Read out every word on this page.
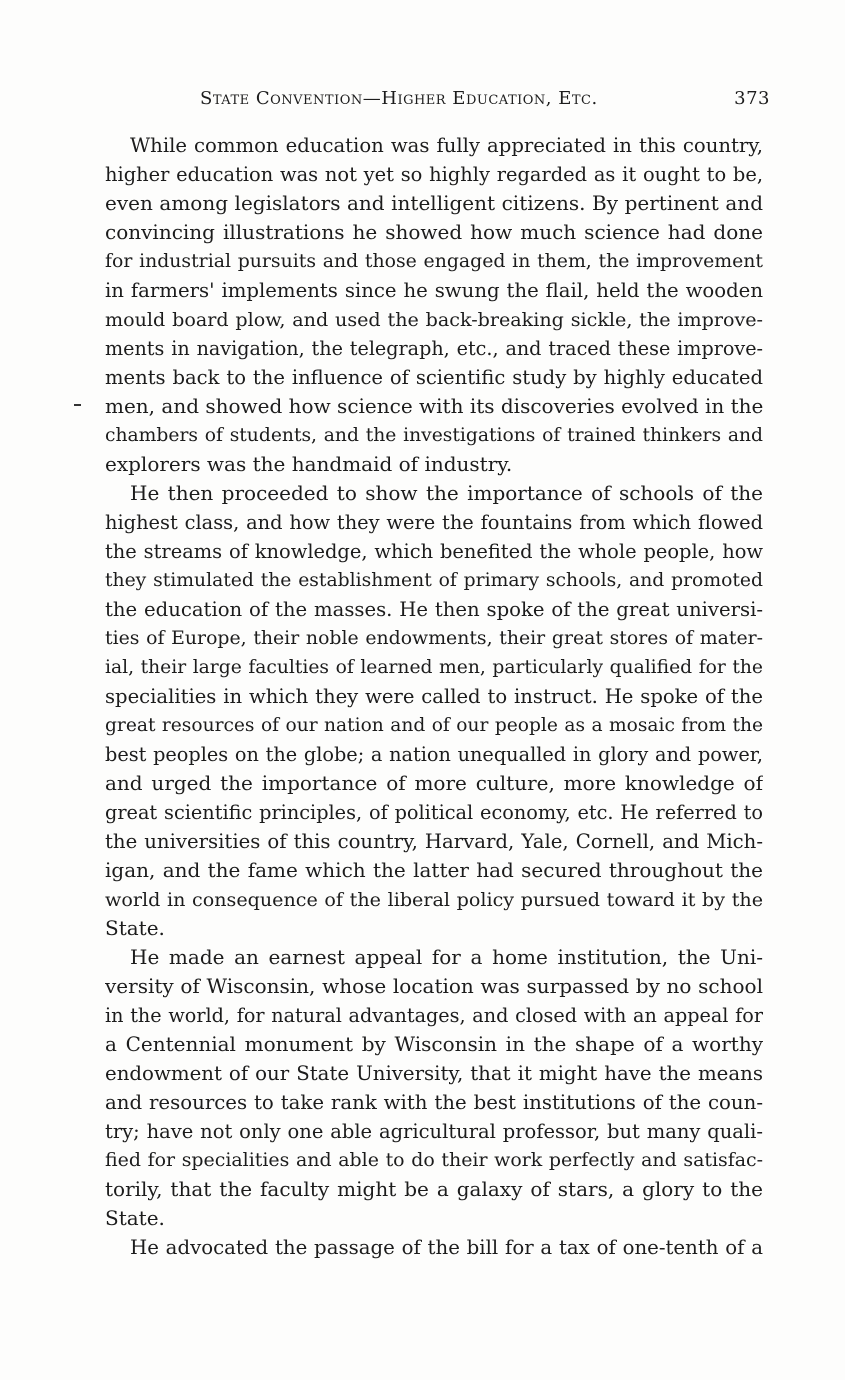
State Convention—Higher Education, Etc.	373
While common education was fully appreciated in this country,
higher education was not yet so highly regarded as it ought to be,
even among legislators and intelligent citizens. By pertinent and
convincing illustrations he showed how much science had done
for industrial pursuits and those engaged in them, the improvement
in farmers' implements since he swung the flail, held the wooden
mould board plow, and used the back-breaking sickle, the improve-
ments in navigation, the telegraph, etc., and traced these improve-
ments back to the influence of scientific study by highly educated
men, and showed how science with its discoveries evolved in the
chambers of students, and the investigations of trained thinkers and
explorers was the handmaid of industry.
He then proceeded to show the importance of schools of the
highest class, and how they were the fountains from which flowed
the streams of knowledge, which benefited the whole people, how
they stimulated the establishment of primary schools, and promoted
the education of the masses. He then spoke of the great universi-
ties of Europe, their noble endowments, their great stores of mater-
ial, their large faculties of learned men, particularly qualified for the
specialities in which they were called to instruct. He spoke of the
great resources of our nation and of our people as a mosaic from the
best peoples on the globe; a nation unequalled in glory and power,
and urged the importance of more culture, more knowledge of
great scientific principles, of political economy, etc. He referred to
the universities of this country, Harvard, Yale, Cornell, and Mich-
igan, and the fame which the latter had secured throughout the
world in consequence of the liberal policy pursued toward it by the
State.
He made an earnest appeal for a home institution, the Uni-
versity of Wisconsin, whose location was surpassed by no school
in the world, for natural advantages, and closed with an appeal for
a Centennial monument by Wisconsin in the shape of a worthy
endowment of our State University, that it might have the means
and resources to take rank with the best institutions of the coun-
try; have not only one able agricultural professor, but many quali-
fied for specialities and able to do their work perfectly and satisfac-
torily, that the faculty might be a galaxy of stars, a glory to the
State.
He advocated the passage of the bill for a tax of one-tenth of a
